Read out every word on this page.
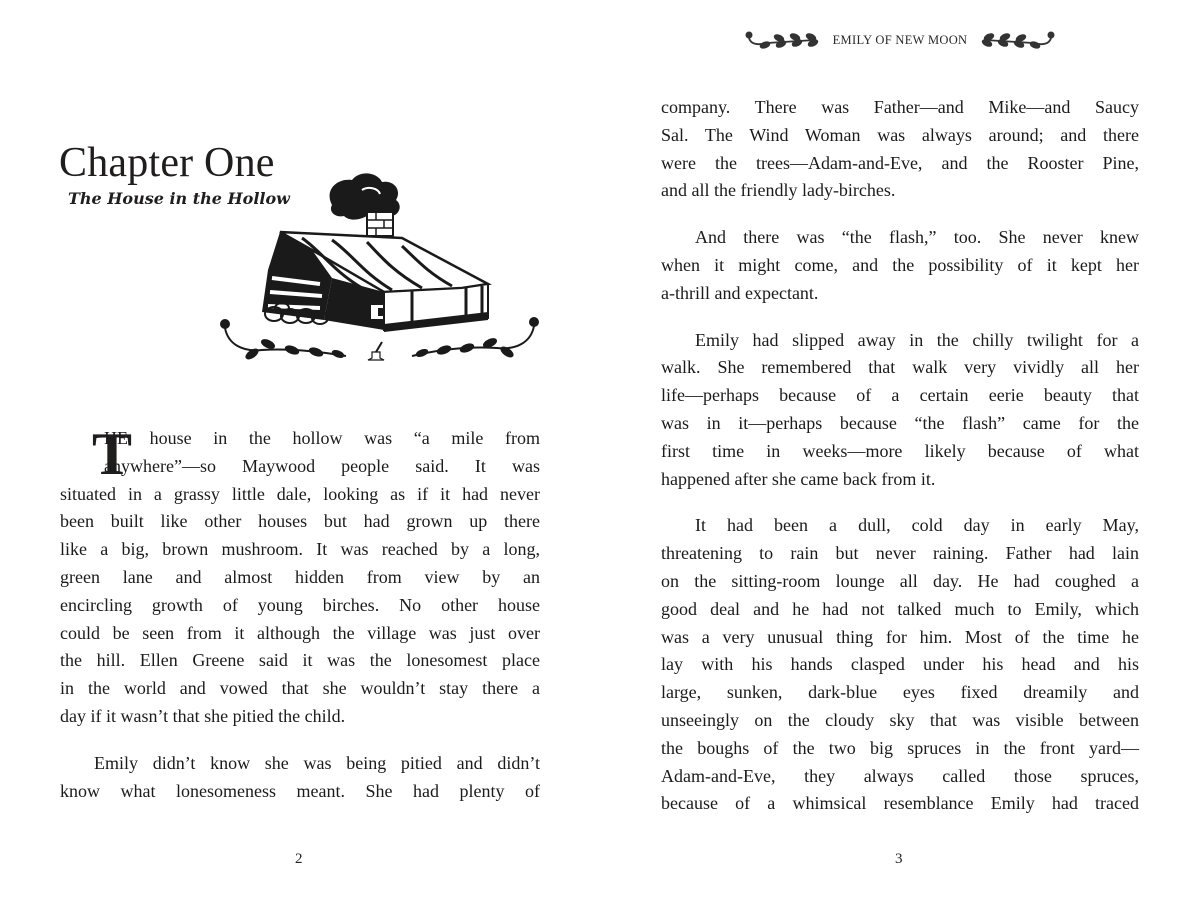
Chapter One
The House in the Hollow
T
HE house in the hollow was “a mile from
anywhere”—so Maywood people said. It was
situated in a grassy little dale, looking as if it had never
been built like other houses but had grown up there
like a big, brown mushroom. It was reached by a long,
green lane and almost hidden from view by an
encircling growth of young birches. No other house
could be seen from it although the village was just over
the hill. Ellen Greene said it was the lonesomest place
in the world and vowed that she wouldn’t stay there a
day if it wasn’t that she pitied the child.
Emily didn’t know she was being pitied and didn’t
know what lonesomeness meant. She had plenty of
2
EMILY OF NEW MOON
company. There was Father—and Mike—and Saucy
Sal. The Wind Woman was always around; and there
were the trees—Adam-and-Eve, and the Rooster Pine,
and all the friendly lady-birches.
And there was “the flash,” too. She never knew
when it might come, and the possibility of it kept her
a-thrill and expectant.
Emily had slipped away in the chilly twilight for a
walk. She remembered that walk very vividly all her
life—perhaps because of a certain eerie beauty that
was in it—perhaps because “the flash” came for the
first time in weeks—more likely because of what
happened after she came back from it.
It had been a dull, cold day in early May,
threatening to rain but never raining. Father had lain
on the sitting-room lounge all day. He had coughed a
good deal and he had not talked much to Emily, which
was a very unusual thing for him. Most of the time he
lay with his hands clasped under his head and his
large, sunken, dark-blue eyes fixed dreamily and
unseeingly on the cloudy sky that was visible between
the boughs of the two big spruces in the front yard—
Adam-and-Eve, they always called those spruces,
because of a whimsical resemblance Emily had traced
3
